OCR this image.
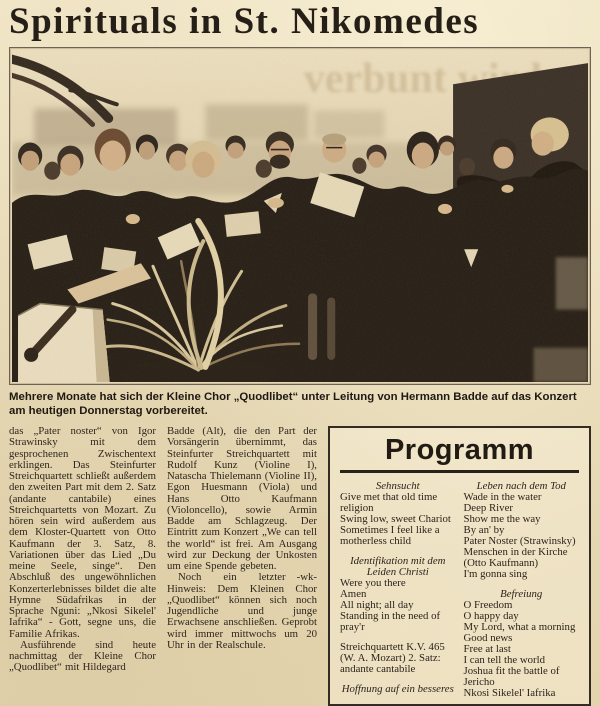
Spirituals in St. Nikomedes

Mehrere Monate hat sich der Kleine Chor „Quodlibet“ unter Leitung von Hermann Badde auf das Konzert am heutigen Donnerstag vorbereitet.

das „Pater noster“ von Igor Strawinsky mit dem gesprochenen Zwischentext erklingen. Das Steinfurter Streichquartett schließt außerdem den zweiten Part mit dem 2. Satz (andante cantabile) eines Streichquartetts von Mozart. Zu hören sein wird außerdem aus dem Kloster-Quartett von Otto Kaufmann der 3. Satz, 8. Variationen über das Lied „Du meine Seele, singe“. Den Abschluß des ungewöhnlichen Konzerterlebnisses bildet die alte Hymne Südafrikas in der Sprache Nguni: „Nkosi Sikelel' Iafrika“ - Gott, segne uns, die Familie Afrikas.

Ausführende sind heute nachmittag der Kleine Chor „Quodlibet“ mit Hildegard

Badde (Alt), die den Part der Vorsängerin übernimmt, das Steinfurter Streichquartett mit Rudolf Kunz (Violine I), Natascha Thielemann (Violine II), Egon Huesmann (Viola) und Hans Otto Kaufmann (Violoncello), sowie Armin Badde am Schlagzeug. Der Eintritt zum Konzert „We can tell the world“ ist frei. Am Ausgang wird zur Deckung der Unkosten um eine Spende gebeten.

-wk-
Noch ein letzter Hinweis: Dem Kleinen Chor „Quodlibet“ können sich noch Jugendliche und junge Erwachsene anschließen. Geprobt wird immer mittwochs um 20 Uhr in der Realschule.

Programm

Sehnsucht

Give met that old time religion

Swing low, sweet Chariot

Sometimes I feel like a motherless child

Identifikation mit dem Leiden Christi

Were you there

Amen

All night; all day

Standing in the need of pray'r

Streichquartett K.V. 465 (W. A. Mozart) 2. Satz: andante cantabile

Hoffnung auf ein besseres

Leben nach dem Tod

Wade in the water

Deep River

Show me the way

By an' by

Pater Noster (Strawinsky)

Menschen in der Kirche (Otto Kaufmann)

I'm gonna sing

Befreiung

O Freedom

O happy day

My Lord, what a morning

Good news

Free at last

I can tell the world

Joshua fit the battle of Jericho

Nkosi Sikelel' Iafrika
